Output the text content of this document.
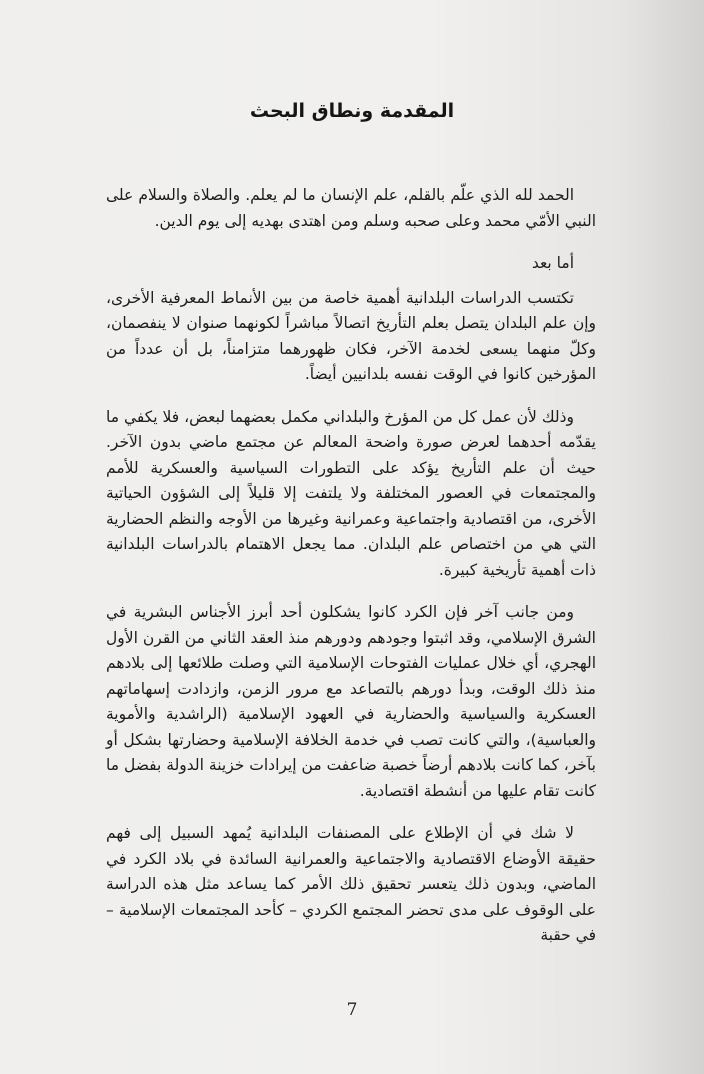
المقدمة ونطاق البحث

الحمد لله الذي علّم بالقلم، علم الإنسان ما لم يعلم. والصلاة والسلام على النبي الأمّي محمد وعلى صحبه وسلم ومن اهتدى بهديه إلى يوم الدين.

أما بعد

تكتسب الدراسات البلدانية أهمية خاصة من بين الأنماط المعرفية الأخرى، وإن علم البلدان يتصل بعلم التأريخ اتصالاً مباشراً لكونهما صنوان لا ينفصمان، وكلّ منهما يسعى لخدمة الآخر، فكان ظهورهما متزامناً، بل أن عدداً من المؤرخين كانوا في الوقت نفسه بلدانيين أيضاً.

وذلك لأن عمل كل من المؤرخ والبلداني مكمل بعضهما لبعض، فلا يكفي ما يقدّمه أحدهما لعرض صورة واضحة المعالم عن مجتمع ماضي بدون الآخر. حيث أن علم التأريخ يؤكد على التطورات السياسية والعسكرية للأمم والمجتمعات في العصور المختلفة ولا يلتفت إلا قليلاً إلى الشؤون الحياتية الأخرى، من اقتصادية واجتماعية وعمرانية وغيرها من الأوجه والنظم الحضارية التي هي من اختصاص علم البلدان. مما يجعل الاهتمام بالدراسات البلدانية ذات أهمية تأريخية كبيرة.

ومن جانب آخر فإن الكرد كانوا يشكلون أحد أبرز الأجناس البشرية في الشرق الإسلامي، وقد اثبتوا وجودهم ودورهم منذ العقد الثاني من القرن الأول الهجري، أي خلال عمليات الفتوحات الإسلامية التي وصلت طلائعها إلى بلادهم منذ ذلك الوقت، وبدأ دورهم بالتصاعد مع مرور الزمن، وازدادت إسهاماتهم العسكرية والسياسية والحضارية في العهود الإسلامية (الراشدية والأموية والعباسية)، والتي كانت تصب في خدمة الخلافة الإسلامية وحضارتها بشكل أو بآخر، كما كانت بلادهم أرضاً خصبة ضاعفت من إيرادات خزينة الدولة بفضل ما كانت تقام عليها من أنشطة اقتصادية.

لا شك في أن الإطلاع على المصنفات البلدانية يُمهد السبيل إلى فهم حقيقة الأوضاع الاقتصادية والاجتماعية والعمرانية السائدة في بلاد الكرد في الماضي، وبدون ذلك يتعسر تحقيق ذلك الأمر كما يساعد مثل هذه الدراسة على الوقوف على مدى تحضر المجتمع الكردي – كأحد المجتمعات الإسلامية – في حقبة

7
